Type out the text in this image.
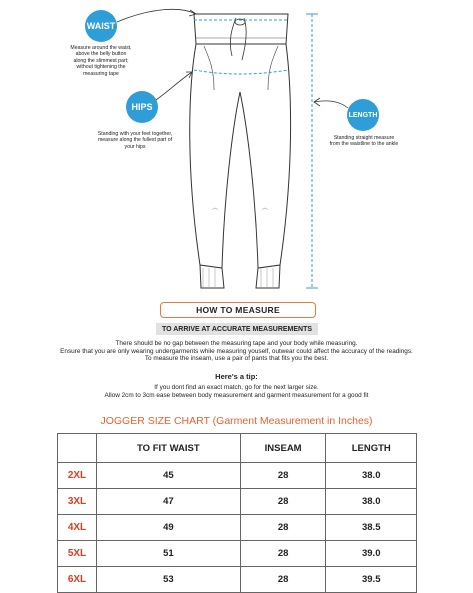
WAIST
HIPS
LENGTH
Measure around the waist,
above the belly button
along the slimmest part;
without tightening the
measuring tape
Standing with your feet together,
measure along the fullest part of
your hips
Standing straight measure
from the waistline to the ankle
HOW TO MEASURE
TO ARRIVE AT ACCURATE MEASUREMENTS
There should be no gap between the measuring tape and your body while measuring.
Ensure that you are only wearing undergarments while measuring youself, outwear could affect the accuracy of the readings.
To measure the inseam, use a pair of pants that fits you the best.
Here's a tip:
If you dont find an exact match, go for the next larger size.
Allow 2cm to 3cm ease between body measurement and garment measurement for a good fit
JOGGER SIZE CHART (Garment Measurement in Inches)
	TO FIT WAIST	INSEAM	LENGTH
2XL	45	28	38.0
3XL	47	28	38.0
4XL	49	28	38.5
5XL	51	28	39.0
6XL	53	28	39.5
